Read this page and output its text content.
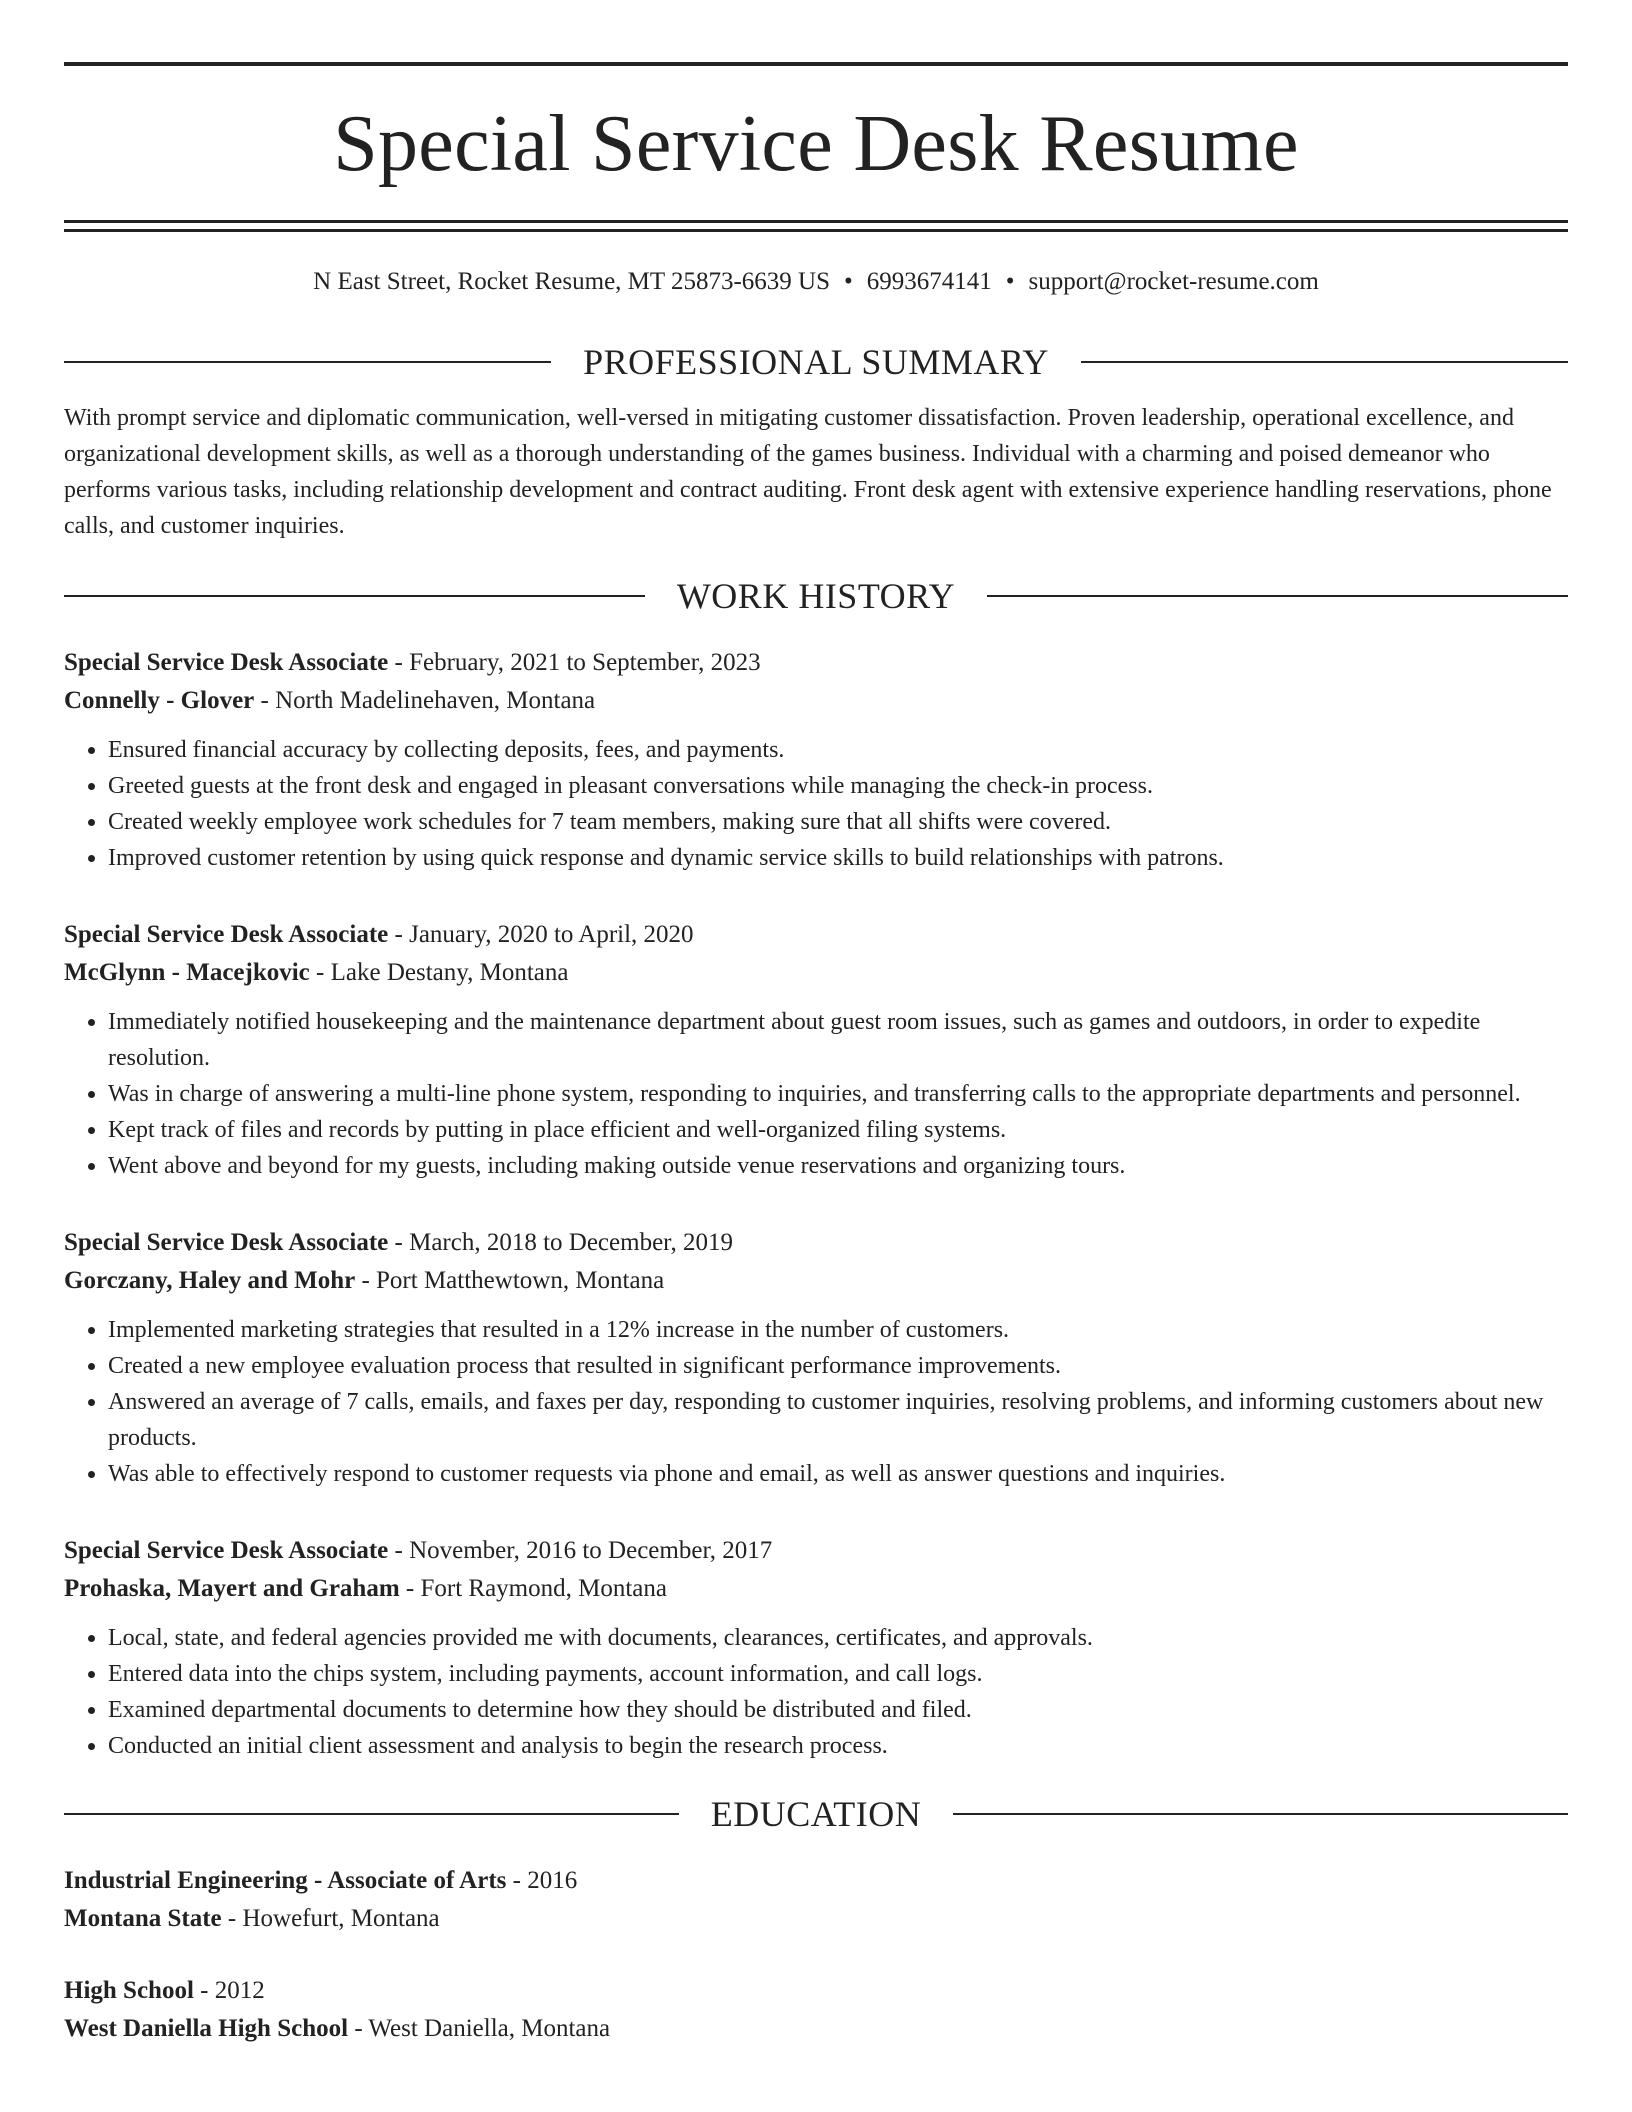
Special Service Desk Resume
N East Street, Rocket Resume, MT 25873-6639 US • 6993674141 • support@rocket-resume.com
PROFESSIONAL SUMMARY

With prompt service and diplomatic communication, well-versed in mitigating customer dissatisfaction. Proven leadership, operational excellence, and organizational development skills, as well as a thorough understanding of the games business. Individual with a charming and poised demeanor who performs various tasks, including relationship development and contract auditing. Front desk agent with extensive experience handling reservations, phone calls, and customer inquiries.

WORK HISTORY
Special Service Desk Associate - February, 2021 to September, 2023
Connelly - Glover - North Madelinehaven, Montana
• Ensured financial accuracy by collecting deposits, fees, and payments.
• Greeted guests at the front desk and engaged in pleasant conversations while managing the check-in process.
• Created weekly employee work schedules for 7 team members, making sure that all shifts were covered.
• Improved customer retention by using quick response and dynamic service skills to build relationships with patrons.
Special Service Desk Associate - January, 2020 to April, 2020
McGlynn - Macejkovic - Lake Destany, Montana
• Immediately notified housekeeping and the maintenance department about guest room issues, such as games and outdoors, in order to expedite resolution.
• Was in charge of answering a multi-line phone system, responding to inquiries, and transferring calls to the appropriate departments and personnel.
• Kept track of files and records by putting in place efficient and well-organized filing systems.
• Went above and beyond for my guests, including making outside venue reservations and organizing tours.
Special Service Desk Associate - March, 2018 to December, 2019
Gorczany, Haley and Mohr - Port Matthewtown, Montana
• Implemented marketing strategies that resulted in a 12% increase in the number of customers.
• Created a new employee evaluation process that resulted in significant performance improvements.
• Answered an average of 7 calls, emails, and faxes per day, responding to customer inquiries, resolving problems, and informing customers about new products.
• Was able to effectively respond to customer requests via phone and email, as well as answer questions and inquiries.
Special Service Desk Associate - November, 2016 to December, 2017
Prohaska, Mayert and Graham - Fort Raymond, Montana
• Local, state, and federal agencies provided me with documents, clearances, certificates, and approvals.
• Entered data into the chips system, including payments, account information, and call logs.
• Examined departmental documents to determine how they should be distributed and filed.
• Conducted an initial client assessment and analysis to begin the research process.
EDUCATION
Industrial Engineering - Associate of Arts - 2016
Montana State - Howefurt, Montana
High School - 2012
West Daniella High School - West Daniella, Montana
